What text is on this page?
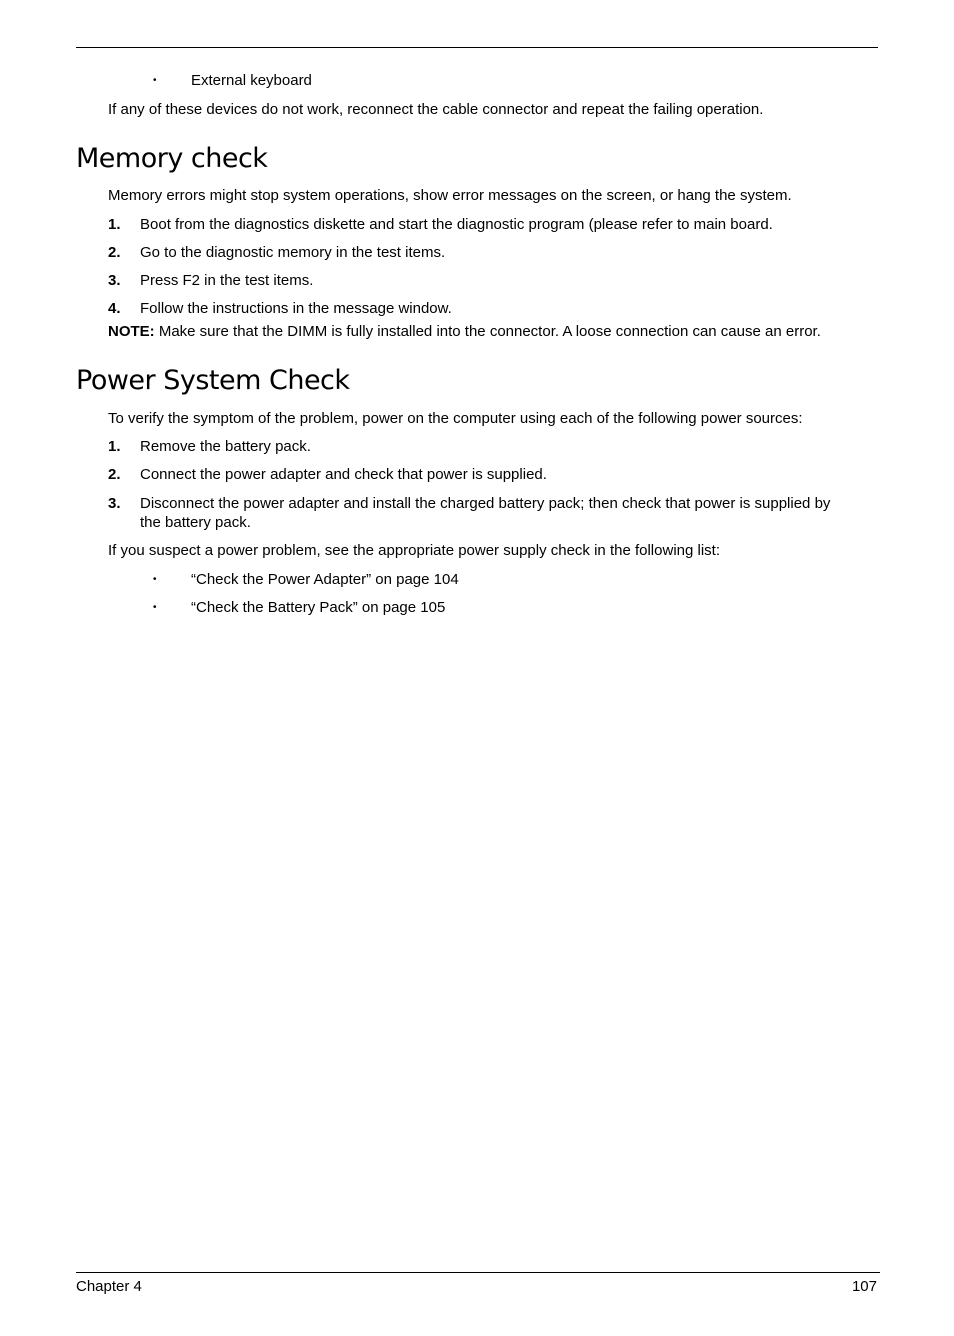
• External keyboard
If any of these devices do not work, reconnect the cable connector and repeat the failing operation.
Memory check
Memory errors might stop system operations, show error messages on the screen, or hang the system.
1. Boot from the diagnostics diskette and start the diagnostic program (please refer to main board.
2. Go to the diagnostic memory in the test items.
3. Press F2 in the test items.
4. Follow the instructions in the message window.
NOTE: Make sure that the DIMM is fully installed into the connector. A loose connection can cause an error.
Power System Check
To verify the symptom of the problem, power on the computer using each of the following power sources:
1. Remove the battery pack.
2. Connect the power adapter and check that power is supplied.
3. Disconnect the power adapter and install the charged battery pack; then check that power is supplied by
the battery pack.
If you suspect a power problem, see the appropriate power supply check in the following list:
• “Check the Power Adapter” on page 104
• “Check the Battery Pack” on page 105
Chapter 4	107
